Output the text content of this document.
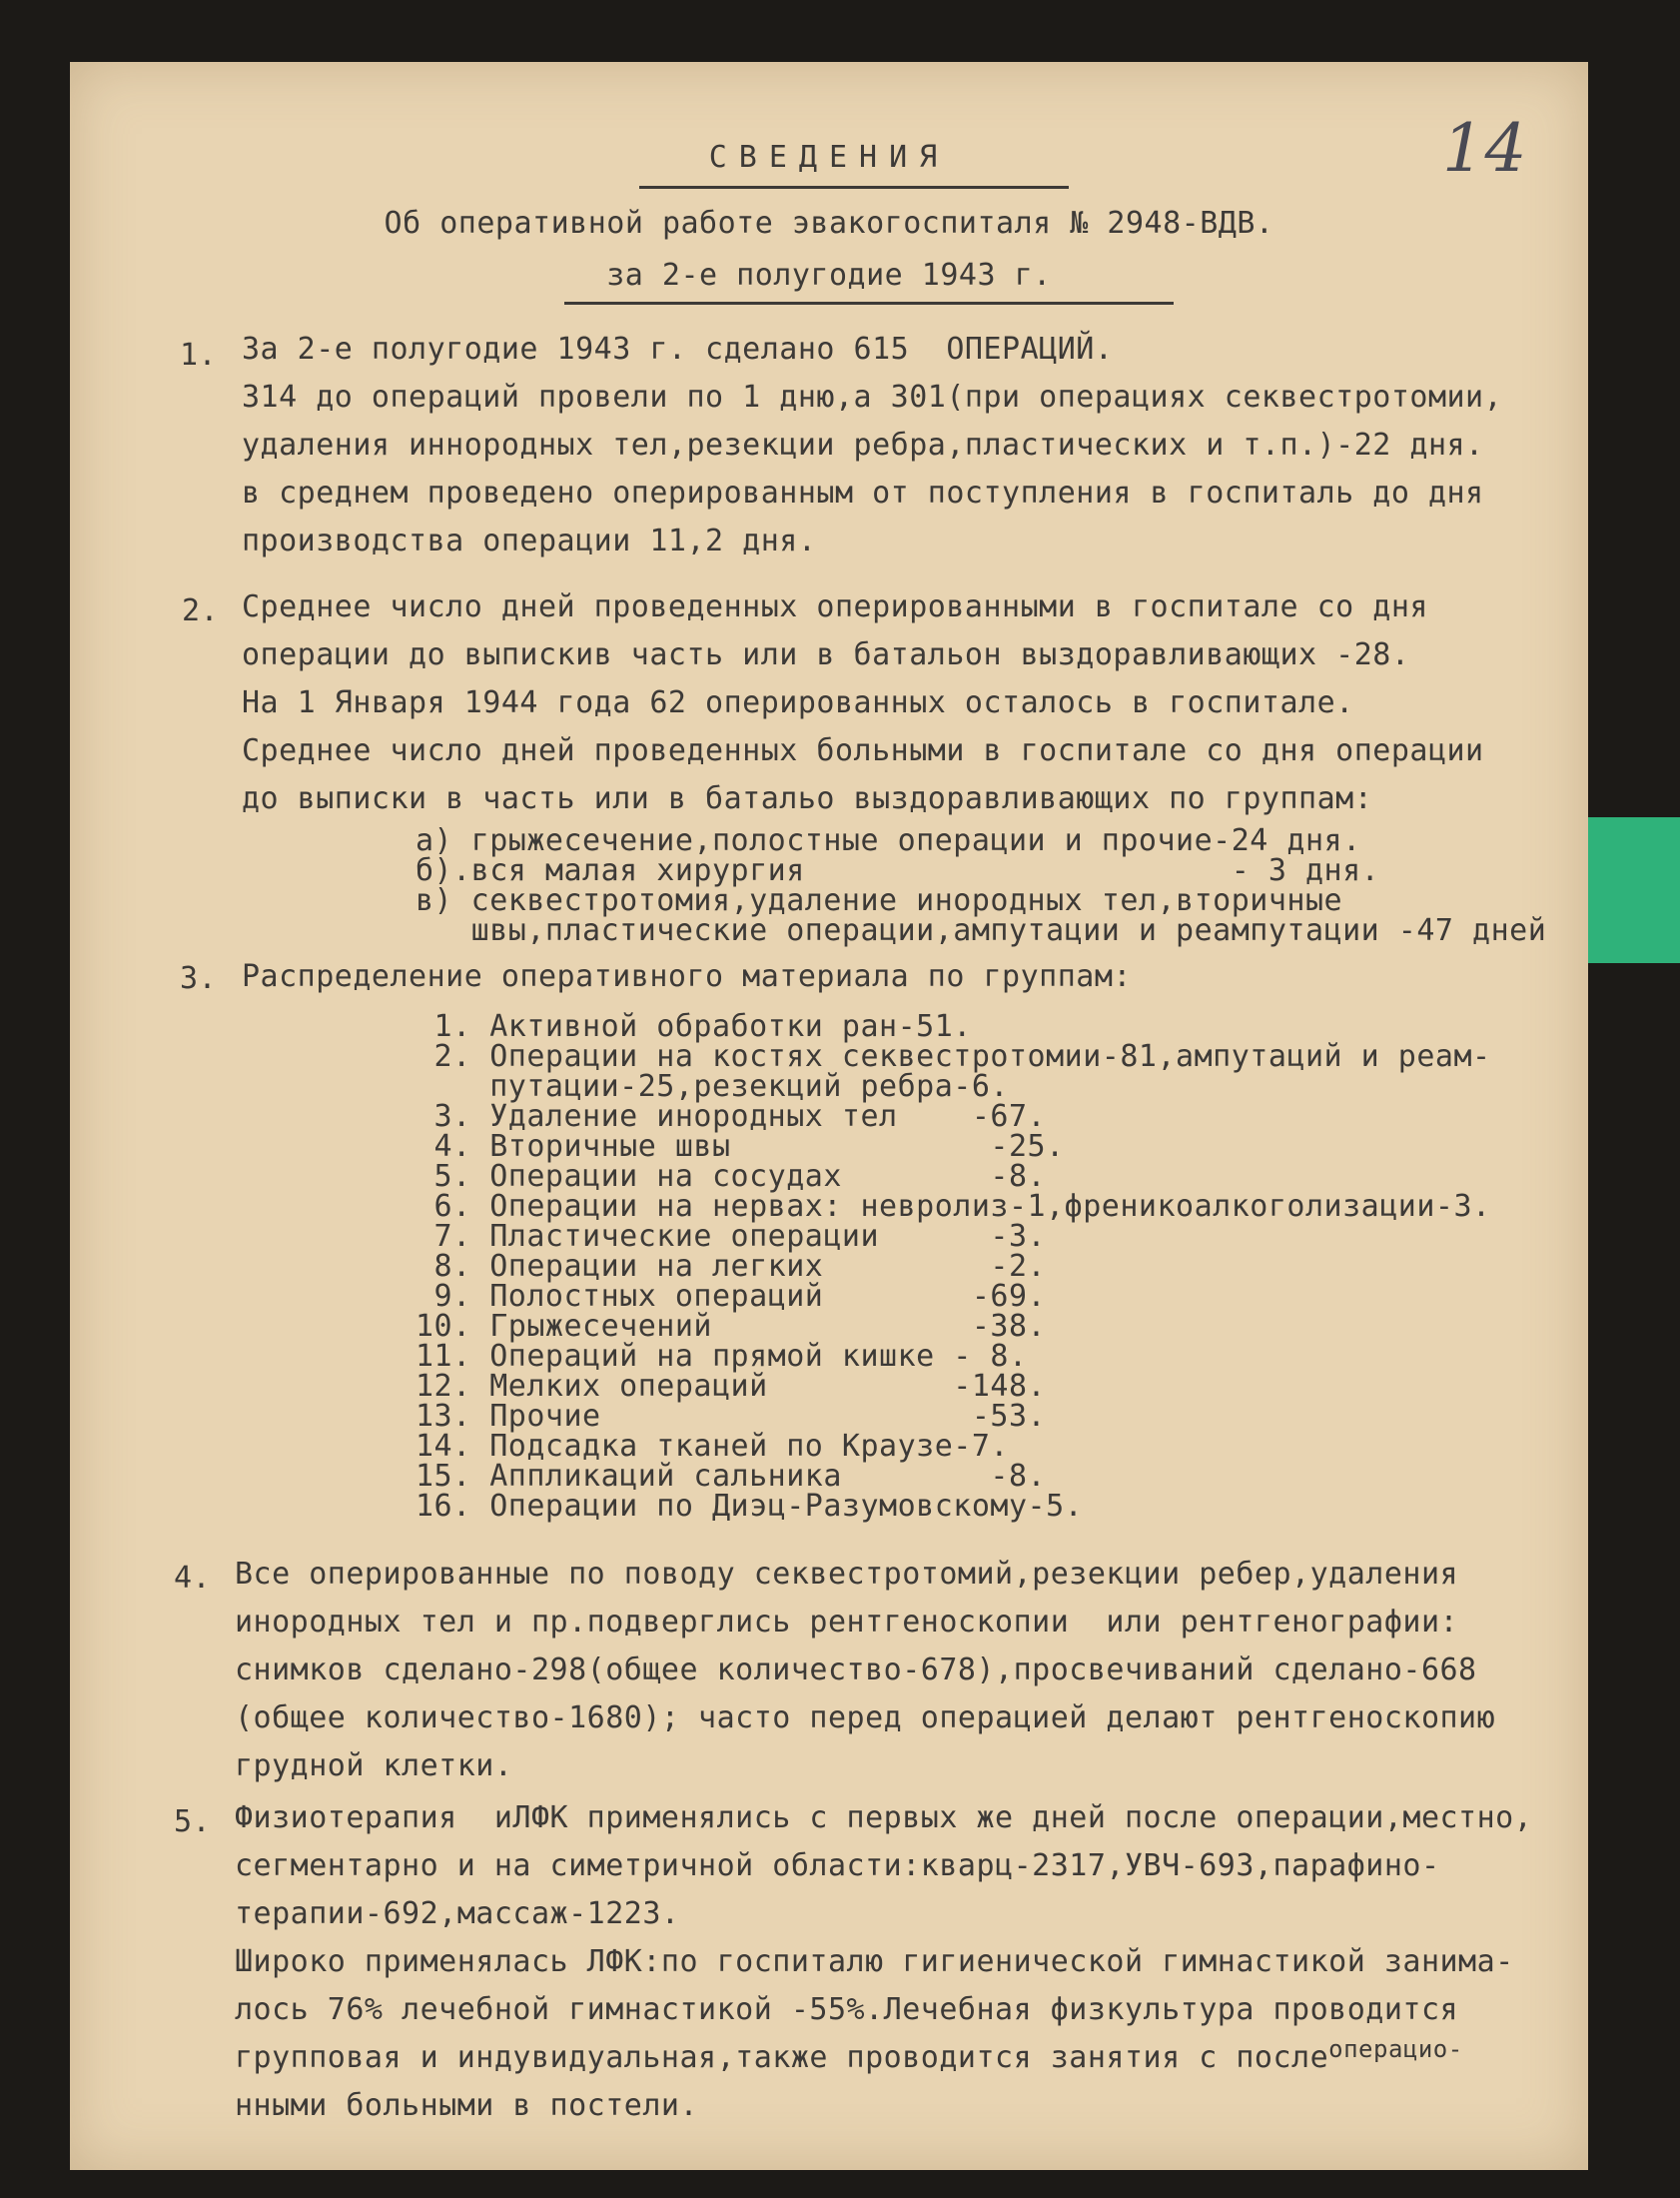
14
СВЕДЕНИЯ
Об оперативной работе эвакогоспиталя № 2948-ВДВ.
за 2-е полугодие 1943 г.
1. За 2-е полугодие 1943 г. сделано 615  ОПЕРАЦИЙ.
314 до операций провели по 1 дню,а 301(при операциях секвестротомии,
удаления иннородных тел,резекции ребра,пластических и т.п.)-22 дня.
в среднем проведено оперированным от поступления в госпиталь до дня
производства операции 11,2 дня.
2. Среднее число дней проведенных оперированными в госпитале со дня
операции до выпискив часть или в батальон выздоравливающих -28.
На 1 Января 1944 года 62 оперированных осталось в госпитале.
Среднее число дней проведенных больными в госпитале со дня операции
до выписки в часть или в батальо выздоравливающих по группам:
а) грыжесечение,полостные операции и прочие-24 дня.
б).вся малая хирургия                       - 3 дня.
в) секвестротомия,удаление инородных тел,вторичные
швы,пластические операции,ампутации и реампутации -47 дней
3. Распределение оперативного материала по группам:
1. Активной обработки ран-51.
2. Операции на костях секвестротомии-81,ампутаций и реам-
путации-25,резекций ребра-6.
3. Удаление инородных тел    -67.
4. Вторичные швы              -25.
5. Операции на сосудах        -8.
6. Операции на нервах: невролиз-1,френикоалкоголизации-3.
7. Пластические операции      -3.
8. Операции на легких         -2.
9. Полостных операций        -69.
10. Грыжесечений              -38.
11. Операций на прямой кишке - 8.
12. Мелких операций          -148.
13. Прочие                    -53.
14. Подсадка тканей по Краузе-7.
15. Аппликаций сальника        -8.
16. Операции по Диэц-Разумовскому-5.
4. Все оперированные по поводу секвестротомий,резекции ребер,удаления
инородных тел и пр.подверглись рентгеноскопии  или рентгенографии:
снимков сделано-298(общее количество-678),просвечиваний сделано-668
(общее количество-1680); часто перед операцией делают рентгеноскопию
грудной клетки.
5. Физиотерапия  иЛФК применялись с первых же дней после операции,местно,
сегментарно и на симетричной области:кварц-2317,УВЧ-693,парафино-
терапии-692,массаж-1223.
Широко применялась ЛФК:по госпиталю гигиенической гимнастикой занима-
лось 76% лечебной гимнастикой -55%.Лечебная физкультура проводится
групповая и индувидуальная,также проводится занятия с после$^{операцио-}$
нными больными в постели.
